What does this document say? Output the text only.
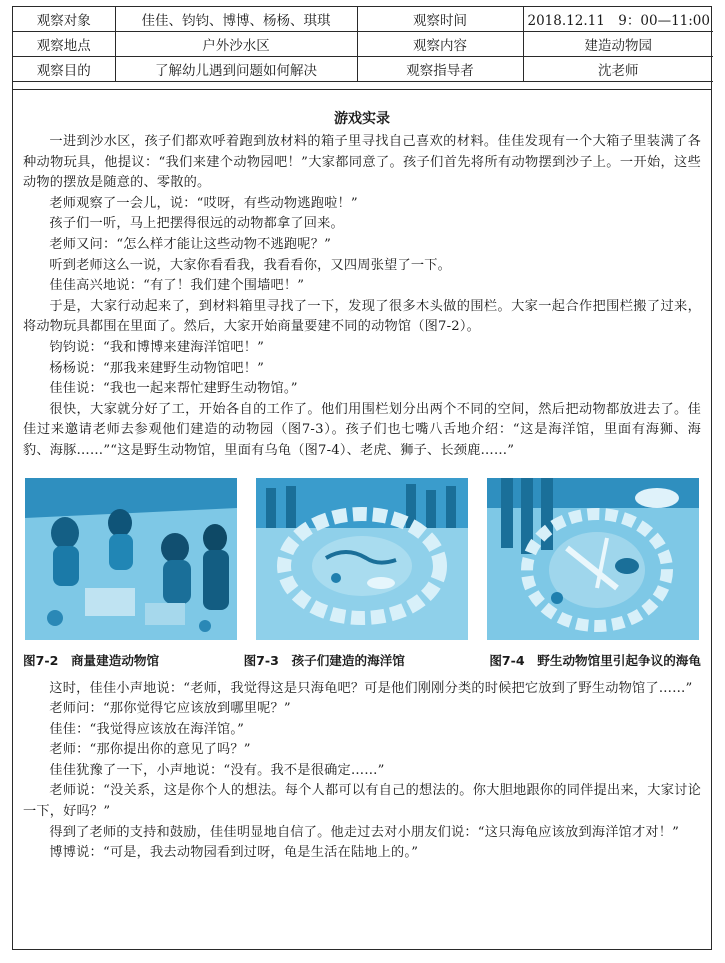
观察对象	佳佳、钧钧、博博、杨杨、琪琪	观察时间	2018.12.11　9：00—11:00
观察地点	户外沙水区	观察内容	建造动物园
观察目的	了解幼儿遇到问题如何解决	观察指导者	沈老师
游戏实录

一进到沙水区，孩子们都欢呼着跑到放材料的箱子里寻找自己喜欢的材料。佳佳发现有一个大箱子里装满了各种动物玩具，他提议：“我们来建个动物园吧！”大家都同意了。孩子们首先将所有动物摆到沙子上。一开始，这些动物的摆放是随意的、零散的。

老师观察了一会儿，说：“哎呀，有些动物逃跑啦！”

孩子们一听，马上把摆得很远的动物都拿了回来。

老师又问：“怎么样才能让这些动物不逃跑呢？”

听到老师这么一说，大家你看看我，我看看你，又四周张望了一下。

佳佳高兴地说：“有了！我们建个围墙吧！”

于是，大家行动起来了，到材料箱里寻找了一下，发现了很多木头做的围栏。大家一起合作把围栏搬了过来，将动物玩具都围在里面了。然后，大家开始商量要建不同的动物馆（图7-2）。

钧钧说：“我和博博来建海洋馆吧！”

杨杨说：“那我来建野生动物馆吧！”

佳佳说：“我也一起来帮忙建野生动物馆。”

很快，大家就分好了工，开始各自的工作了。他们用围栏划分出两个不同的空间，然后把动物都放进去了。佳佳过来邀请老师去参观他们建造的动物园（图7-3）。孩子们也七嘴八舌地介绍：“这是海洋馆，里面有海狮、海豹、海豚……”“这是野生动物馆，里面有乌龟（图7-4）、老虎、狮子、长颈鹿……”

图7-2　商量建造动物馆	图7-3　孩子们建造的海洋馆	图7-4　野生动物馆里引起争议的海龟

这时，佳佳小声地说：“老师，我觉得这是只海龟吧？可是他们刚刚分类的时候把它放到了野生动物馆了……”

老师问：“那你觉得它应该放到哪里呢？”

佳佳：“我觉得应该放在海洋馆。”

老师：“那你提出你的意见了吗？”

佳佳犹豫了一下，小声地说：“没有。我不是很确定……”

老师说：“没关系，这是你个人的想法。每个人都可以有自己的想法的。你大胆地跟你的同伴提出来，大家讨论一下，好吗？”

得到了老师的支持和鼓励，佳佳明显地自信了。他走过去对小朋友们说：“这只海龟应该放到海洋馆才对！”

博博说：“可是，我去动物园看到过呀，龟是生活在陆地上的。”
